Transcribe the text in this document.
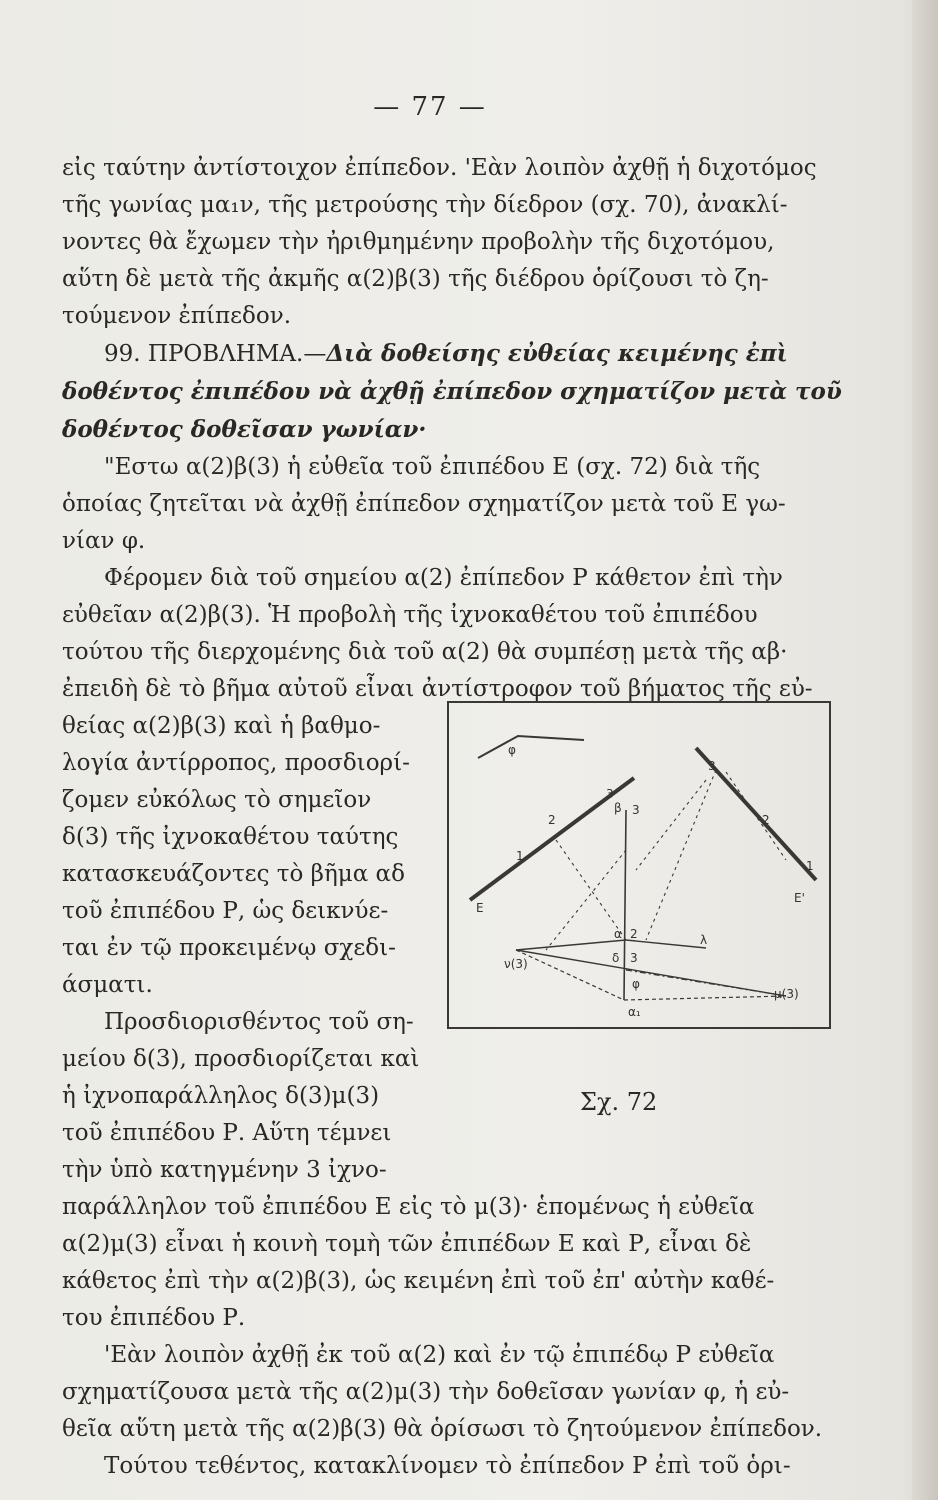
— 77 —

εἰς ταύτην ἀντίστοιχον ἐπίπεδον. 'Εὰν λοιπὸν ἀχθῇ ἡ διχοτόμος
τῆς γωνίας μα₁ν, τῆς μετρούσης τὴν δίεδρον (σχ. 70), ἀνακλί-
νοντες θὰ ἔχωμεν τὴν ἠριθμημένην προβολὴν τῆς διχοτόμου,
αὕτη δὲ μετὰ τῆς ἀκμῆς α(2)β(3) τῆς διέδρου ὁρίζουσι τὸ ζη-
τούμενον ἐπίπεδον.

99. ΠΡΟΒΛΗΜΑ.—Διὰ δοθείσης εὐθείας κειμένης ἐπὶ
δοθέντος ἐπιπέδου νὰ ἀχθῇ ἐπίπεδον σχηματίζον μετὰ τοῦ
δοθέντος δοθεῖσαν γωνίαν·

"Εστω α(2)β(3) ἡ εὐθεῖα τοῦ ἐπιπέδου Ε (σχ. 72) διὰ τῆς
ὁποίας ζητεῖται νὰ ἀχθῇ ἐπίπεδον σχηματίζον μετὰ τοῦ Ε γω-
νίαν φ.

Φέρομεν διὰ τοῦ σημείου α(2) ἐπίπεδον Ρ κάθετον ἐπὶ τὴν
εὐθεῖαν α(2)β(3). Ἡ προβολὴ τῆς ἰχνοκαθέτου τοῦ ἐπιπέδου
τούτου τῆς διερχομένης διὰ τοῦ α(2) θὰ συμπέσῃ μετὰ τῆς αβ·
ἐπειδὴ δὲ τὸ βῆμα αὐτοῦ εἶναι ἀντίστροφον τοῦ βήματος τῆς εὐ-

θείας α(2)β(3) καὶ ἡ βαθμο-
λογία ἀντίρροπος, προσδιορί-
ζομεν εὐκόλως τὸ σημεῖον
δ(3) τῆς ἰχνοκαθέτου ταύτης
κατασκευάζοντες τὸ βῆμα αδ
τοῦ ἐπιπέδου Ρ, ὡς δεικνύε-
ται ἐν τῷ προκειμένῳ σχεδι-
άσματι.

Προσδιορισθέντος τοῦ ση-
μείου δ(3), προσδιορίζεται καὶ
ἡ ἰχνοπαράλληλος δ(3)μ(3)
τοῦ ἐπιπέδου Ρ. Αὕτη τέμνει
τὴν ὑπὸ κατηγμένην 3 ἰχνο-

παράλληλον τοῦ ἐπιπέδου Ε εἰς τὸ μ(3)· ἑπομένως ἡ εὐθεῖα
α(2)μ(3) εἶναι ἡ κοινὴ τομὴ τῶν ἐπιπέδων Ε καὶ Ρ, εἶναι δὲ
κάθετος ἐπὶ τὴν α(2)β(3), ὡς κειμένη ἐπὶ τοῦ ἐπ' αὐτὴν καθέ-
του ἐπιπέδου Ρ.

'Εὰν λοιπὸν ἀχθῇ ἐκ τοῦ α(2) καὶ ἐν τῷ ἐπιπέδῳ Ρ εὐθεῖα
σχηματίζουσα μετὰ τῆς α(2)μ(3) τὴν δοθεῖσαν γωνίαν φ, ἡ εὐ-
θεῖα αὕτη μετὰ τῆς α(2)β(3) θὰ ὁρίσωσι τὸ ζητούμενον ἐπίπεδον.

Τούτου τεθέντος, κατακλίνομεν τὸ ἐπίπεδον Ρ ἐπὶ τοῦ ὁρι-

φ
1
2
3
Ε
3
2
1
Ε'
β 3
ν(3)
α 2	λ
δ 3
φ
μ(3)
α₁
Σχ. 72
